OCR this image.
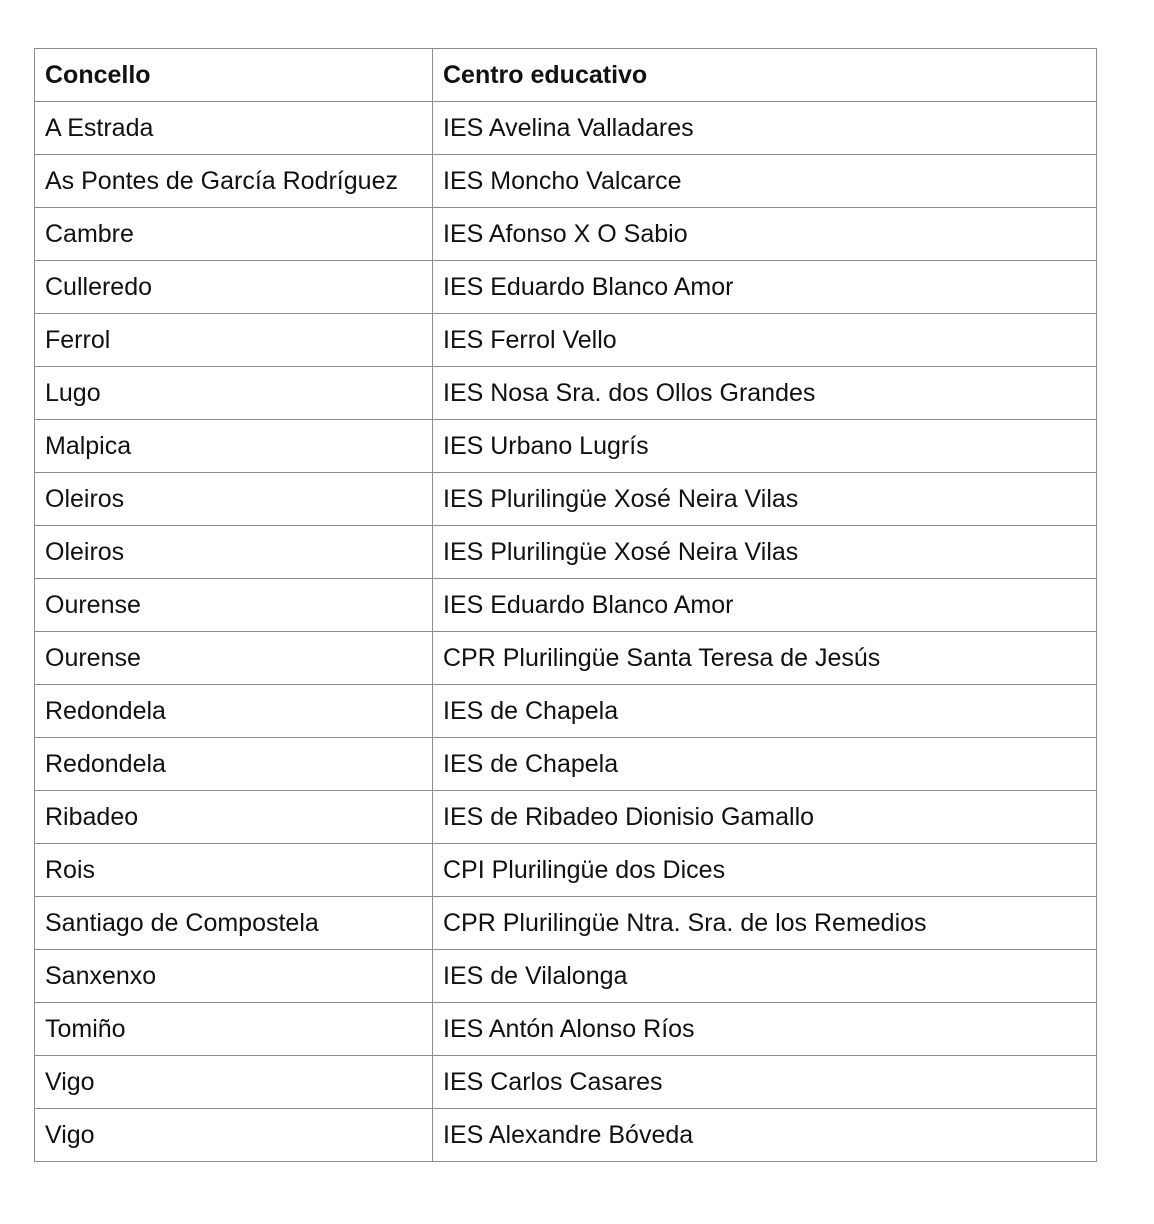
Concello	Centro educativo
A Estrada	IES Avelina Valladares
As Pontes de García Rodríguez	IES Moncho Valcarce
Cambre	IES Afonso X O Sabio
Culleredo	IES Eduardo Blanco Amor
Ferrol	IES Ferrol Vello
Lugo	IES Nosa Sra. dos Ollos Grandes
Malpica	IES Urbano Lugrís
Oleiros	IES Plurilingüe Xosé Neira Vilas
Oleiros	IES Plurilingüe Xosé Neira Vilas
Ourense	IES Eduardo Blanco Amor
Ourense	CPR Plurilingüe Santa Teresa de Jesús
Redondela	IES de Chapela
Redondela	IES de Chapela
Ribadeo	IES de Ribadeo Dionisio Gamallo
Rois	CPI Plurilingüe dos Dices
Santiago de Compostela	CPR Plurilingüe Ntra. Sra. de los Remedios
Sanxenxo	IES de Vilalonga
Tomiño	IES Antón Alonso Ríos
Vigo	IES Carlos Casares
Vigo	IES Alexandre Bóveda
